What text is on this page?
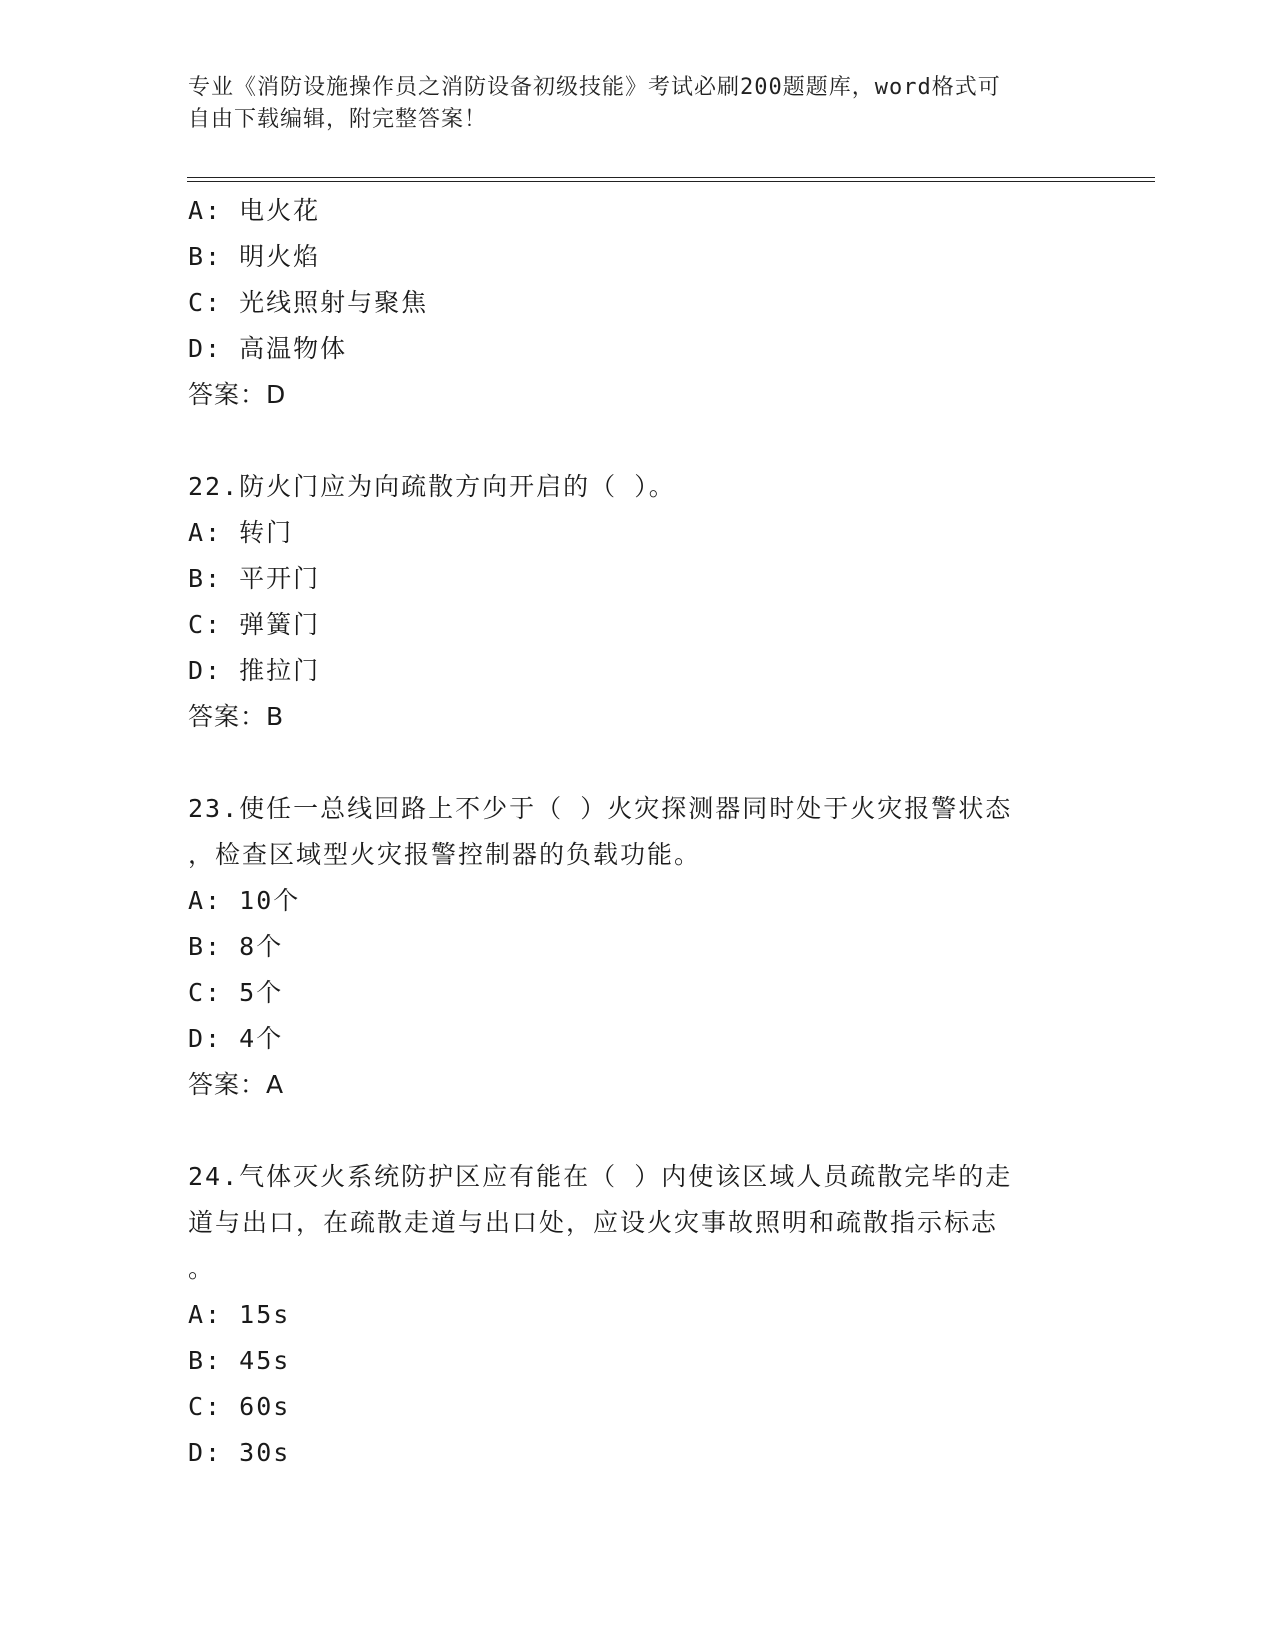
专业《消防设施操作员之消防设备初级技能》考试必刷200题题库，word格式可
自由下载编辑，附完整答案！
A: 电火花
B: 明火焰
C: 光线照射与聚焦
D: 高温物体
答案：D
22.防火门应为向疏散方向开启的（ ）。
A: 转门
B: 平开门
C: 弹簧门
D: 推拉门
答案：B
23.使任一总线回路上不少于（ ）火灾探测器同时处于火灾报警状态
，检查区域型火灾报警控制器的负载功能。
A: 10个
B: 8个
C: 5个
D: 4个
答案：A
24.气体灭火系统防护区应有能在（ ）内使该区域人员疏散完毕的走
道与出口，在疏散走道与出口处，应设火灾事故照明和疏散指示标志
。
A: 15s
B: 45s
C: 60s
D: 30s
